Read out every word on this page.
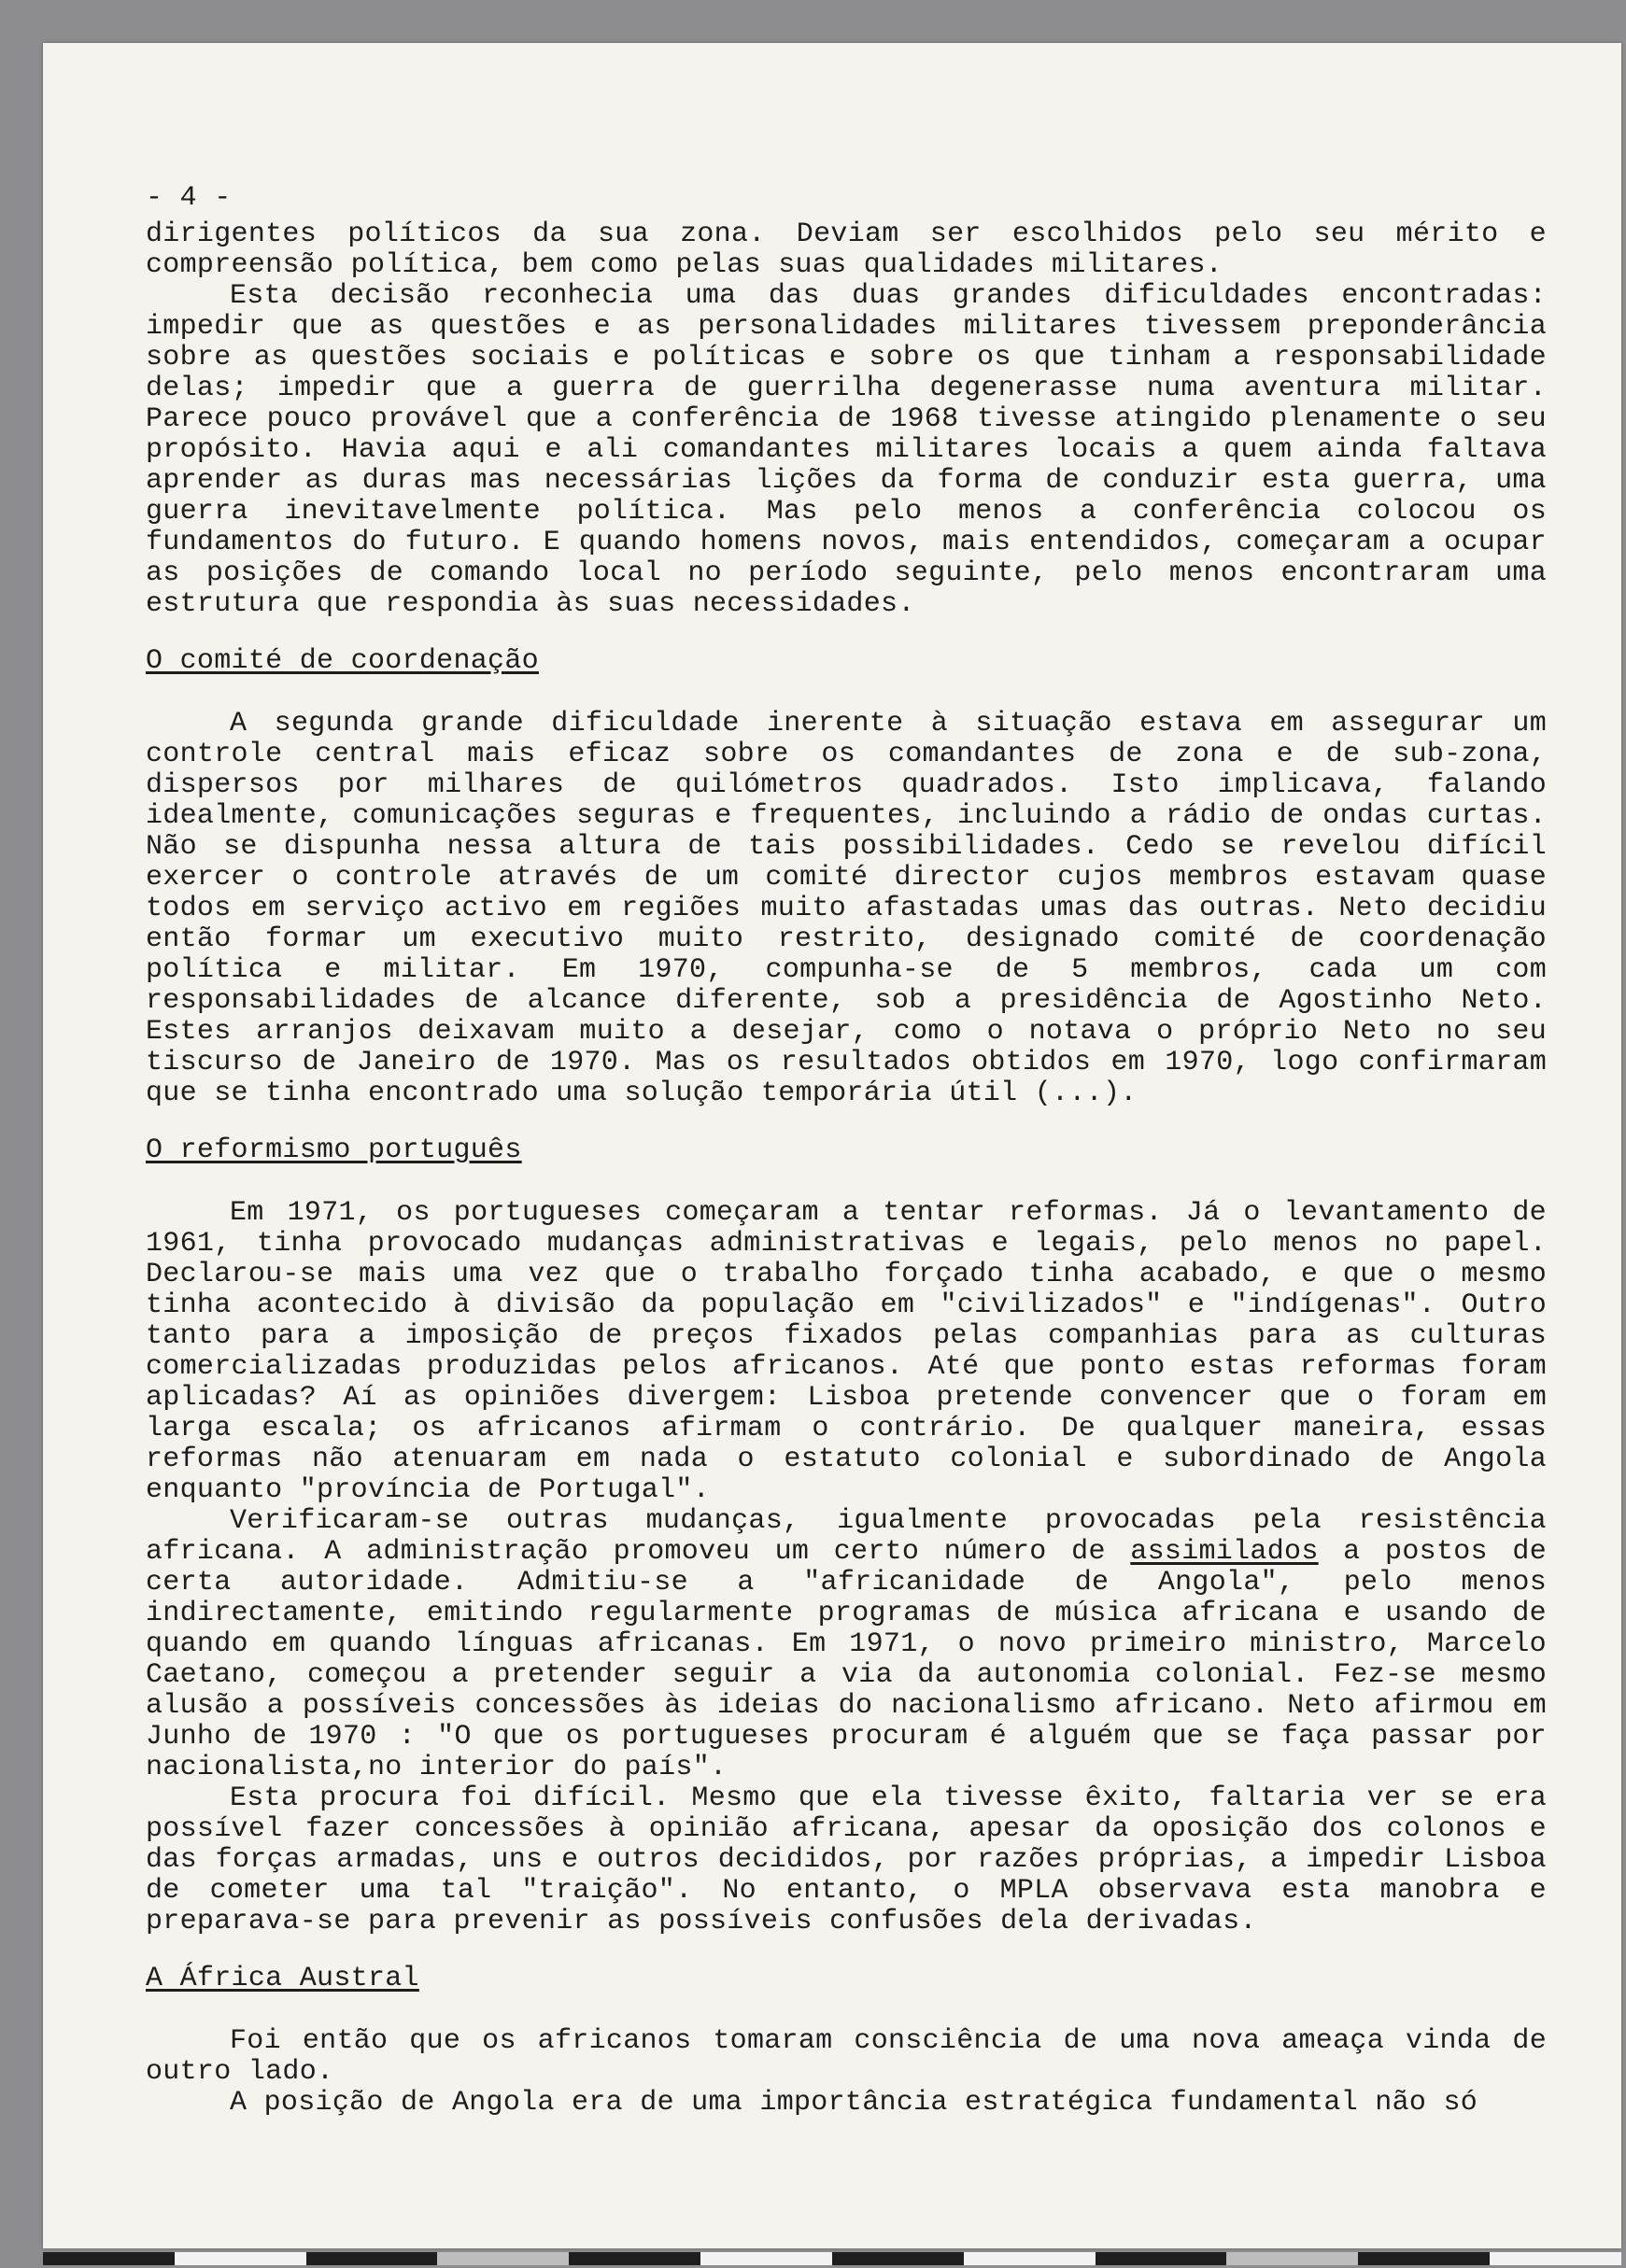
- 4 -

dirigentes políticos da sua zona. Deviam ser escolhidos pelo seu mérito e compreensão política, bem como pelas suas qualidades militares.

Esta decisão reconhecia uma das duas grandes dificuldades encontradas: impedir que as questões e as personalidades militares tivessem preponderância sobre as questões sociais e políticas e sobre os que tinham a responsabilidade delas; impedir que a guerra de guerrilha degenerasse numa aventura militar. Parece pouco provável que a conferência de 1968 tivesse atingido plenamente o seu propósito. Havia aqui e ali comandantes militares locais a quem ainda faltava aprender as duras mas necessárias lições da forma de conduzir esta guerra, uma guerra inevitavelmente política. Mas pelo menos a conferência colocou os fundamentos do futuro. E quando homens novos, mais entendidos, começaram a ocupar as posições de comando local no período seguinte, pelo menos encontraram uma estrutura que respondia às suas necessidades.

O comité de coordenação

A segunda grande dificuldade inerente à situação estava em assegurar um controle central mais eficaz sobre os comandantes de zona e de sub-zona, dispersos por milhares de quilómetros quadrados. Isto implicava, falando idealmente, comunicações seguras e frequentes, incluindo a rádio de ondas curtas. Não se dispunha nessa altura de tais possibilidades. Cedo se revelou difícil exercer o controle através de um comité director cujos membros estavam quase todos em serviço activo em regiões muito afastadas umas das outras. Neto decidiu então formar um executivo muito restrito, designado comité de coordenação política e militar. Em 1970, compunha-se de 5 membros, cada um com responsabilidades de alcance diferente, sob a presidência de Agostinho Neto. Estes arranjos deixavam muito a desejar, como o notava o próprio Neto no seu tiscurso de Janeiro de 1970. Mas os resultados obtidos em 1970, logo confirmaram que se tinha encontrado uma solução temporária útil (...).

O reformismo português

Em 1971, os portugueses começaram a tentar reformas. Já o levantamento de 1961, tinha provocado mudanças administrativas e legais, pelo menos no papel. Declarou-se mais uma vez que o trabalho forçado tinha acabado, e que o mesmo tinha acontecido à divisão da população em "civilizados" e "indígenas". Outro tanto para a imposição de preços fixados pelas companhias para as culturas comercializadas produzidas pelos africanos. Até que ponto estas reformas foram aplicadas? Aí as opiniões divergem: Lisboa pretende convencer que o foram em larga escala; os africanos afirmam o contrário. De qualquer maneira, essas reformas não atenuaram em nada o estatuto colonial e subordinado de Angola enquanto "província de Portugal".

Verificaram-se outras mudanças, igualmente provocadas pela resistência africana. A administração promoveu um certo número de assimilados a postos de certa autoridade. Admitiu-se a "africanidade de Angola", pelo menos indirectamente, emitindo regularmente programas de música africana e usando de quando em quando línguas africanas. Em 1971, o novo primeiro ministro, Marcelo Caetano, começou a pretender seguir a via da autonomia colonial. Fez-se mesmo alusão a possíveis concessões às ideias do nacionalismo africano. Neto afirmou em Junho de 1970 : "O que os portugueses procuram é alguém que se faça passar por nacionalista,no interior do país".

Esta procura foi difícil. Mesmo que ela tivesse êxito, faltaria ver se era possível fazer concessões à opinião africana, apesar da oposição dos colonos e das forças armadas, uns e outros decididos, por razões próprias, a impedir Lisboa de cometer uma tal "traição". No entanto, o MPLA observava esta manobra e preparava-se para prevenir as possíveis confusões dela derivadas.

A África Austral

Foi então que os africanos tomaram consciência de uma nova ameaça vinda de outro lado.

A posição de Angola era de uma importância estratégica fundamental não só
